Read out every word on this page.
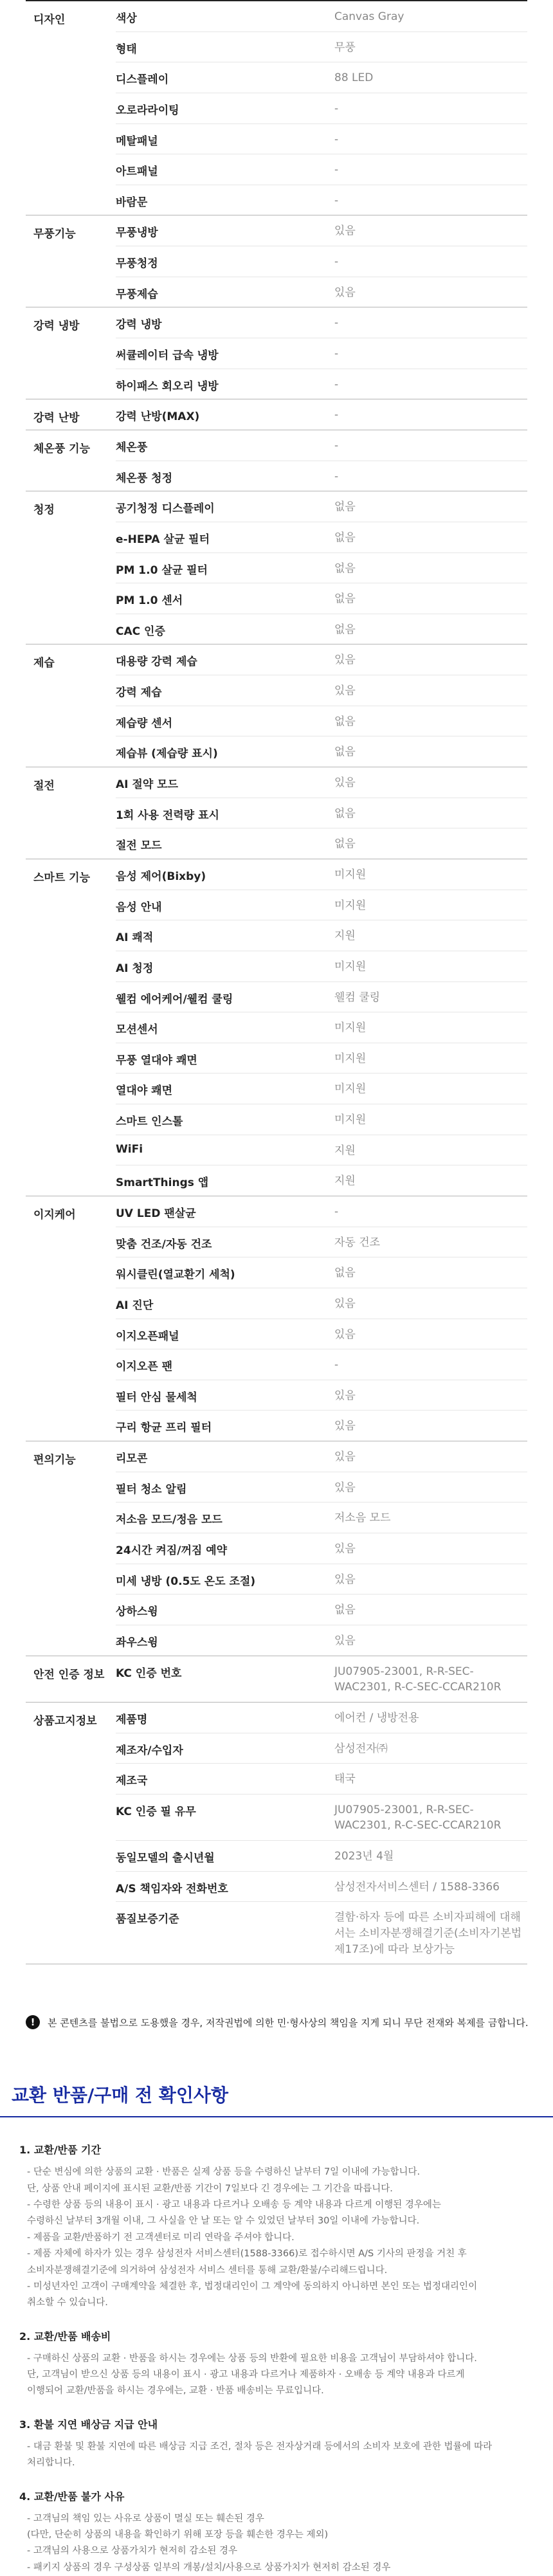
디자인	색상	Canvas Gray
형태	무풍
디스플레이	88 LED
오로라라이팅	-
메탈패널	-
아트패널	-
바람문	-
무풍기능	무풍냉방	있음
무풍청정	-
무풍제습	있음
강력 냉방	강력 냉방	-
써큘레이터 급속 냉방	-
하이패스 회오리 냉방	-
강력 난방	강력 난방(MAX)	-
체온풍 기능	체온풍	-
체온풍 청정	-
청정	공기청정 디스플레이	없음
e-HEPA 살균 필터	없음
PM 1.0 살균 필터	없음
PM 1.0 센서	없음
CAC 인증	없음
제습	대용량 강력 제습	있음
강력 제습	있음
제습량 센서	없음
제습뷰 (제습량 표시)	없음
절전	AI 절약 모드	있음
1회 사용 전력량 표시	없음
절전 모드	없음
스마트 기능	음성 제어(Bixby)	미지원
음성 안내	미지원
AI 쾌적	지원
AI 청정	미지원
웰컴 에어케어/웰컴 쿨링	웰컴 쿨링
모션센서	미지원
무풍 열대야 쾌면	미지원
열대야 쾌면	미지원
스마트 인스톨	미지원
WiFi	지원
SmartThings 앱	지원
이지케어	UV LED 팬살균	-
맞춤 건조/자동 건조	자동 건조
워시클린(열교환기 세척)	없음
AI 진단	있음
이지오픈패널	있음
이지오픈 팬	-
필터 안심 물세척	있음
구리 항균 프리 필터	있음
편의기능	리모콘	있음
필터 청소 알림	있음
저소음 모드/정음 모드	저소음 모드
24시간 켜짐/꺼짐 예약	있음
미세 냉방 (0.5도 온도 조절)	있음
상하스윙	없음
좌우스윙	있음
안전 인증 정보	KC 인증 번호	JU07905-23001, R-R-SEC-WAC2301, R-C-SEC-CCAR210R
상품고지정보	제품명	에어컨 / 냉방전용
제조자/수입자	삼성전자㈜
제조국	태국
KC 인증 필 유무	JU07905-23001, R-R-SEC-WAC2301, R-C-SEC-CCAR210R
동일모델의 출시년월	2023년 4월
A/S 책임자와 전화번호	삼성전자서비스센터 / 1588-3366
품질보증기준	결함·하자 등에 따른 소비자피해에 대해서는 소비자분쟁해결기준(소비자기본법 제17조)에 따라 보상가능
!	본 콘텐츠를 불법으로 도용했을 경우, 저작권법에 의한 민·형사상의 책임을 지게 되니 무단 전재와 복제를 금합니다.
교환 반품/구매 전 확인사항
1. 교환/반품 기간
- 단순 변심에 의한 상품의 교환 · 반품은 실제 상품 등을 수령하신 날부터 7일 이내에 가능합니다.
단, 상품 안내 페이지에 표시된 교환/반품 기간이 7일보다 긴 경우에는 그 기간을 따릅니다.
- 수령한 상품 등의 내용이 표시 · 광고 내용과 다르거나 오배송 등 계약 내용과 다르게 이행된 경우에는
수령하신 날부터 3개월 이내, 그 사실을 안 날 또는 알 수 있었던 날부터 30일 이내에 가능합니다.
- 제품을 교환/반품하기 전 고객센터로 미리 연락을 주셔야 합니다.
- 제품 자체에 하자가 있는 경우 삼성전자 서비스센터(1588-3366)로 접수하시면 A/S 기사의 판정을 거친 후
소비자분쟁해결기준에 의거하여 삼성전자 서비스 센터를 통해 교환/환불/수리해드립니다.
- 미성년자인 고객이 구매계약을 체결한 후, 법정대리인이 그 계약에 동의하지 아니하면 본인 또는 법정대리인이
취소할 수 있습니다.
2. 교환/반품 배송비
- 구매하신 상품의 교환 · 반품을 하시는 경우에는 상품 등의 반환에 필요한 비용을 고객님이 부담하셔야 합니다.
단, 고객님이 받으신 상품 등의 내용이 표시 · 광고 내용과 다르거나 제품하자 · 오배송 등 계약 내용과 다르게
이행되어 교환/반품을 하시는 경우에는, 교환 · 반품 배송비는 무료입니다.
3. 환불 지연 배상금 지급 안내
- 대금 환불 및 환불 지연에 따른 배상금 지급 조건, 절차 등은 전자상거래 등에서의 소비자 보호에 관한 법률에 따라
처리합니다.
4. 교환/반품 불가 사유
- 고객님의 책임 있는 사유로 상품이 멸실 또는 훼손된 경우
(다만, 단순히 상품의 내용을 확인하기 위해 포장 등을 훼손한 경우는 제외)
- 고객님의 사용으로 상품가치가 현저히 감소된 경우
- 패키지 상품의 경우 구성상품 일부의 개봉/설치/사용으로 상품가치가 현저히 감소된 경우
